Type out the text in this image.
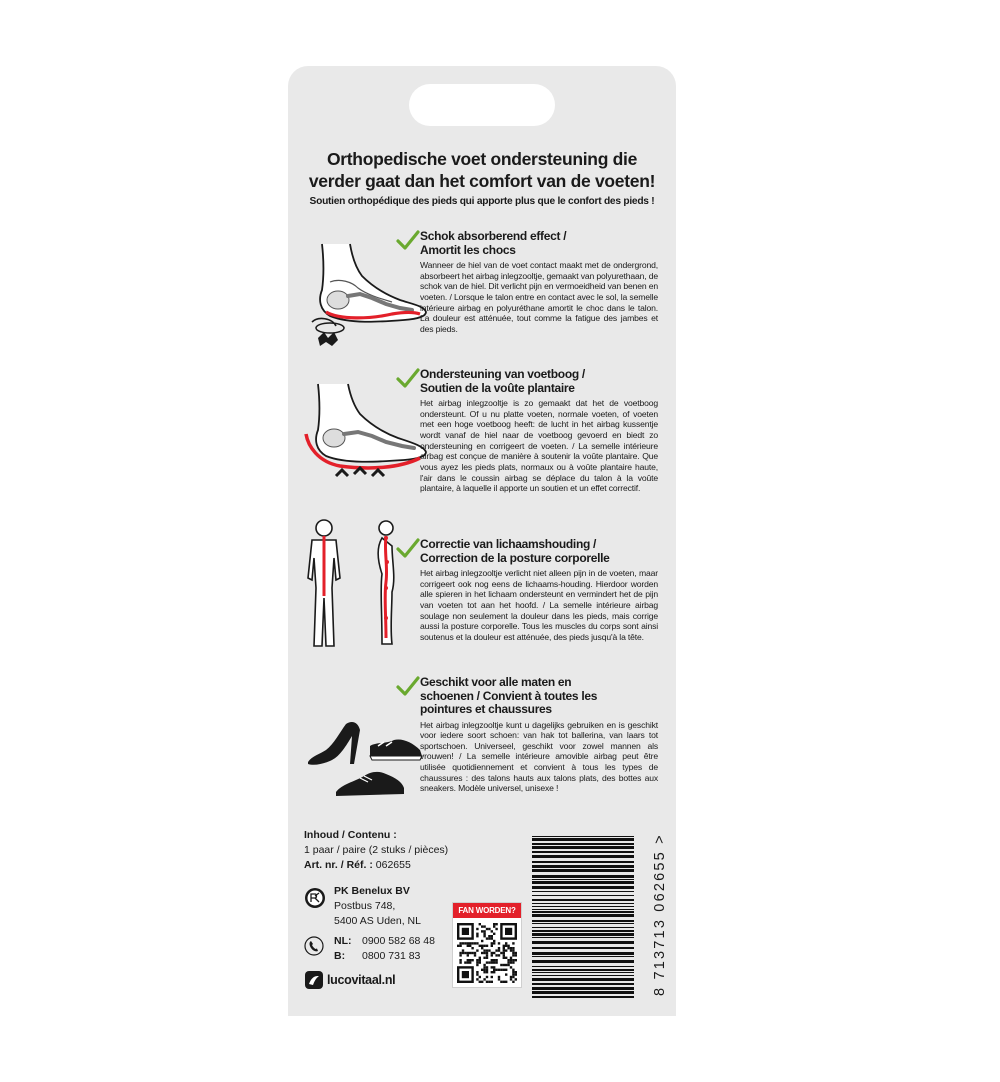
Orthopedische voet ondersteuning die
verder gaat dan het comfort van de voeten!
Soutien orthopédique des pieds qui apporte plus que le confort des pieds !
Schok absorberend effect /
Amortit les chocs
Wanneer de hiel van de voet contact maakt met de ondergrond, absorbeert het airbag inlegzooltje, gemaakt van polyurethaan, de schok van de hiel. Dit verlicht pijn en vermoeidheid van benen en voeten. / Lorsque le talon entre en contact avec le sol, la semelle intérieure airbag en polyuréthane amortit le choc dans le talon. La douleur est atténuée, tout comme la fatigue des jambes et des pieds.
Ondersteuning van voetboog /
Soutien de la voûte plantaire
Het airbag inlegzooltje is zo gemaakt dat het de voetboog ondersteunt. Of u nu platte voeten, normale voeten, of voeten met een hoge voetboog heeft: de lucht in het airbag kussentje wordt vanaf de hiel naar de voetboog gevoerd en biedt zo ondersteuning en corrigeert de voeten. / La semelle intérieure airbag est conçue de manière à soutenir la voûte plantaire. Que vous ayez les pieds plats, normaux ou à voûte plantaire haute, l'air dans le coussin airbag se déplace du talon à la voûte plantaire, à laquelle il apporte un soutien et un effet correctif.
Correctie van lichaamshouding /
Correction de la posture corporelle
Het airbag inlegzooltje verlicht niet alleen pijn in de voeten, maar corrigeert ook nog eens de lichaams-houding. Hierdoor worden alle spieren in het lichaam ondersteunt en vermindert het de pijn van voeten tot aan het hoofd. / La semelle intérieure airbag soulage non seulement la douleur dans les pieds, mais corrige aussi la posture corporelle. Tous les muscles du corps sont ainsi soutenus et la douleur est atténuée, des pieds jusqu'à la tête.
Geschikt voor alle maten en
schoenen / Convient à toutes les
pointures et chaussures
Het airbag inlegzooltje kunt u dagelijks gebruiken en is geschikt voor iedere soort schoen: van hak tot ballerina, van laars tot sportschoen. Universeel, geschikt voor zowel mannen als vrouwen! / La semelle intérieure amovible airbag peut être utilisée quotidiennement et convient à tous les types de chaussures : des talons hauts aux talons plats, des bottes aux sneakers. Modèle universel, unisexe !
Inhoud / Contenu :
1 paar / paire (2 stuks / pièces)
Art. nr. / Réf. : 062655
PK Benelux BV
Postbus 748,
5400 AS Uden, NL
NL: 0900 582 68 48
B: 0800 731 83
lucovitaal.nl
FAN WORDEN?	8 713713 062655 >
